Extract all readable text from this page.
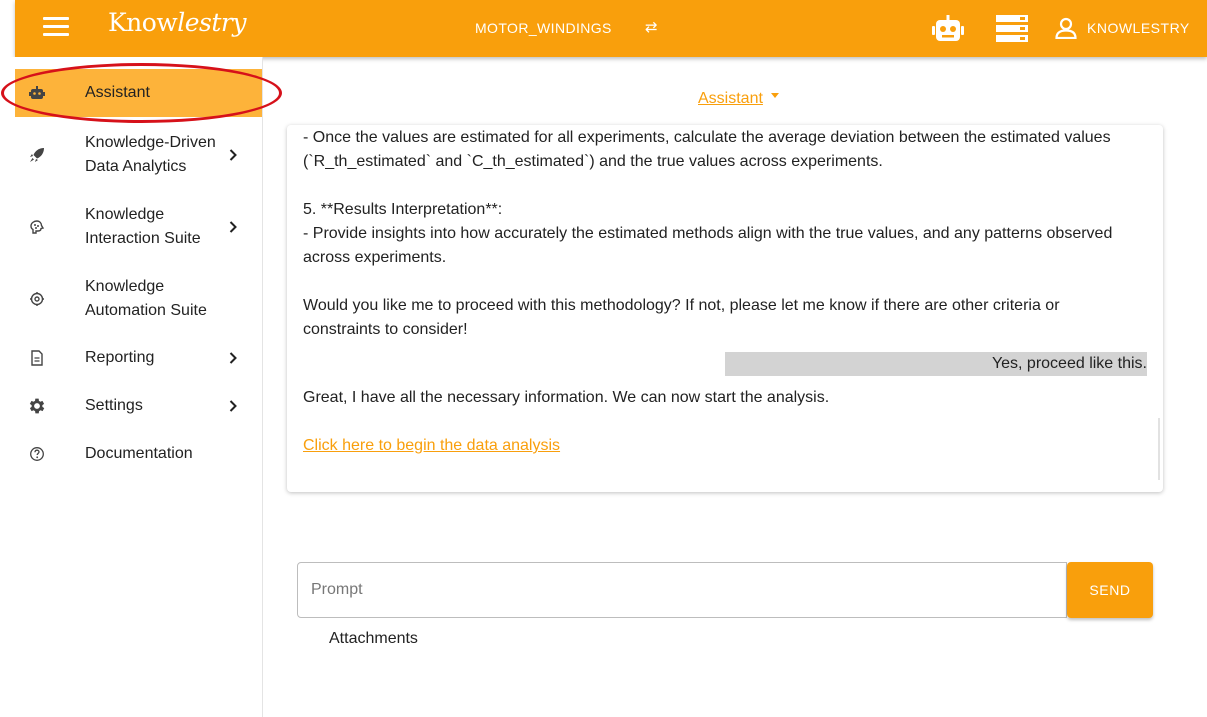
Knowlestry	MOTOR_WINDINGS ⇄	KNOWLESTRY
Assistant
Knowledge-Driven
Data Analytics
Knowledge
Interaction Suite
Knowledge
Automation Suite
Reporting
Settings
Documentation
Assistant
- Once the values are estimated for all experiments, calculate the average deviation between the estimated values
(`R_th_estimated` and `C_th_estimated`) and the true values across experiments.
5. **Results Interpretation**:
- Provide insights into how accurately the estimated methods align with the true values, and any patterns observed
across experiments.
Would you like me to proceed with this methodology? If not, please let me know if there are other criteria or
constraints to consider!
Yes, proceed like this.
Great, I have all the necessary information. We can now start the analysis.
Click here to begin the data analysis
Prompt
SEND
Attachments
